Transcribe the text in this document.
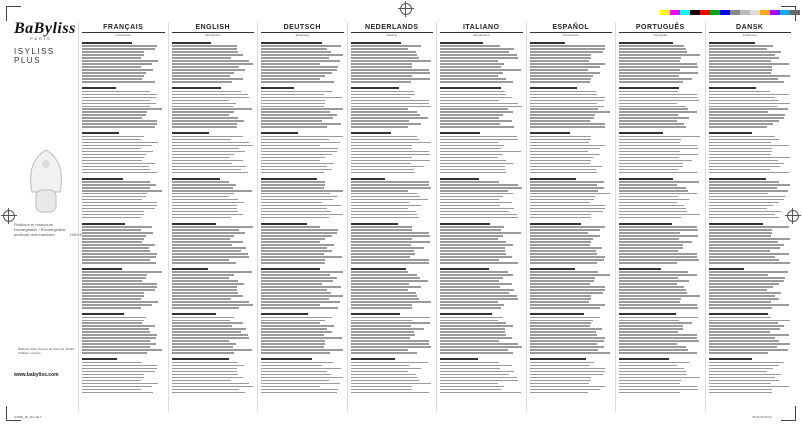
BaByliss
PARIS
ISYLISS PLUS
Pédicure et manucure rechargeable / Rechargeable pedicure and manicure	H200E
BaByliss SAS, Avenue de Paris 99, 92320 Châtillon, France
www.babyliss.com
FRANÇAIS
Introduction
ENGLISH
Introduction
DEUTSCH
Einleitung
NEDERLANDS
Inleiding
ITALIANO
Introduzione
ESPAÑOL
Introducción
PORTUGUÊS
Introdução
DANSK
Indledning
H200E_IB_16.indd 1	05/11/16 09:01
